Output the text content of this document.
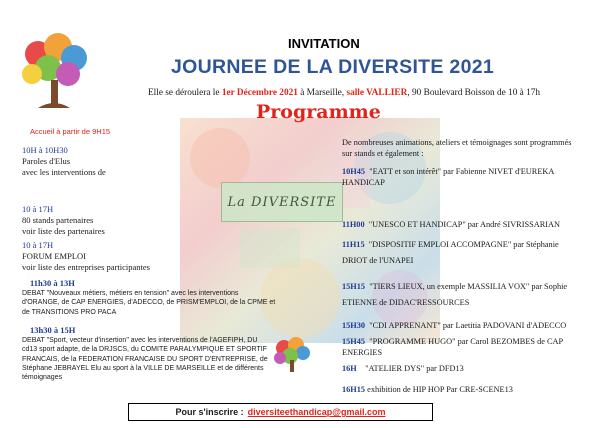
La DIVERSITE
INVITATION
JOURNEE DE LA DIVERSITE 2021
Elle se déroulera le 1er Décembre 2021 à Marseille, salle VALLIER, 90 Boulevard Boisson de 10 à 17h
Programme
Accueil à partir de 9H15
10H à 10H30
Paroles d'Elus
avec les interventions de
10 à 17H
80 stands partenaires
voir liste des partenaires
10 à 17H
FORUM EMPLOI
voir liste des entreprises participantes
11h30 à 13H
DEBAT "Nouveaux métiers, métiers en tension" avec les interventions
d'ORANGE, de CAP ENERGIES, d'ADECCO, de PRISM'EMPLOI, de la CPME et
de TRANSITIONS PRO PACA
13h30 à 15H
DEBAT "Sport, vecteur d'insertion" avec les interventions de l'AGEFIPH, DU
cd13 sport adapte, de la DRJSCS, du COMITE PARALYMPIQUE ET SPORTIF
FRANCAIS, de la FEDERATION FRANCAISE DU SPORT D'ENTREPRISE, de
Stéphane JEBRAYEL Elu au sport à la VILLE DE MARSEILLE et de différents
témoignages
De nombreuses animations, ateliers et témoignages sont programmés
sur stands et également :
10H45 "EATT et son intérêt" par Fabienne NIVET d'EUREKA
HANDICAP
11H00 "UNESCO ET HANDICAP" par André SIVRISSARIAN
11H15 "DISPOSITIF EMPLOI ACCOMPAGNE" par Stéphanie
DRIOT de l'UNAPEI
15H15 "TIERS LIEUX, un exemple MASSILIA VOX" par Sophie
ETIENNE de DIDAC'RESSOURCES
15H30 "CDI APPRENANT" par Laetitia PADOVANI d'ADECCO
15H45 "PROGRAMME HUGO" par Carol BEZOMBES de CAP
ENERGIES
16H "ATELIER DYS" par DFD13
16H15 exhibition de HIP HOP Par CRE-SCENE13
Pour s'inscrire : diversiteethandicap@gmail.com
